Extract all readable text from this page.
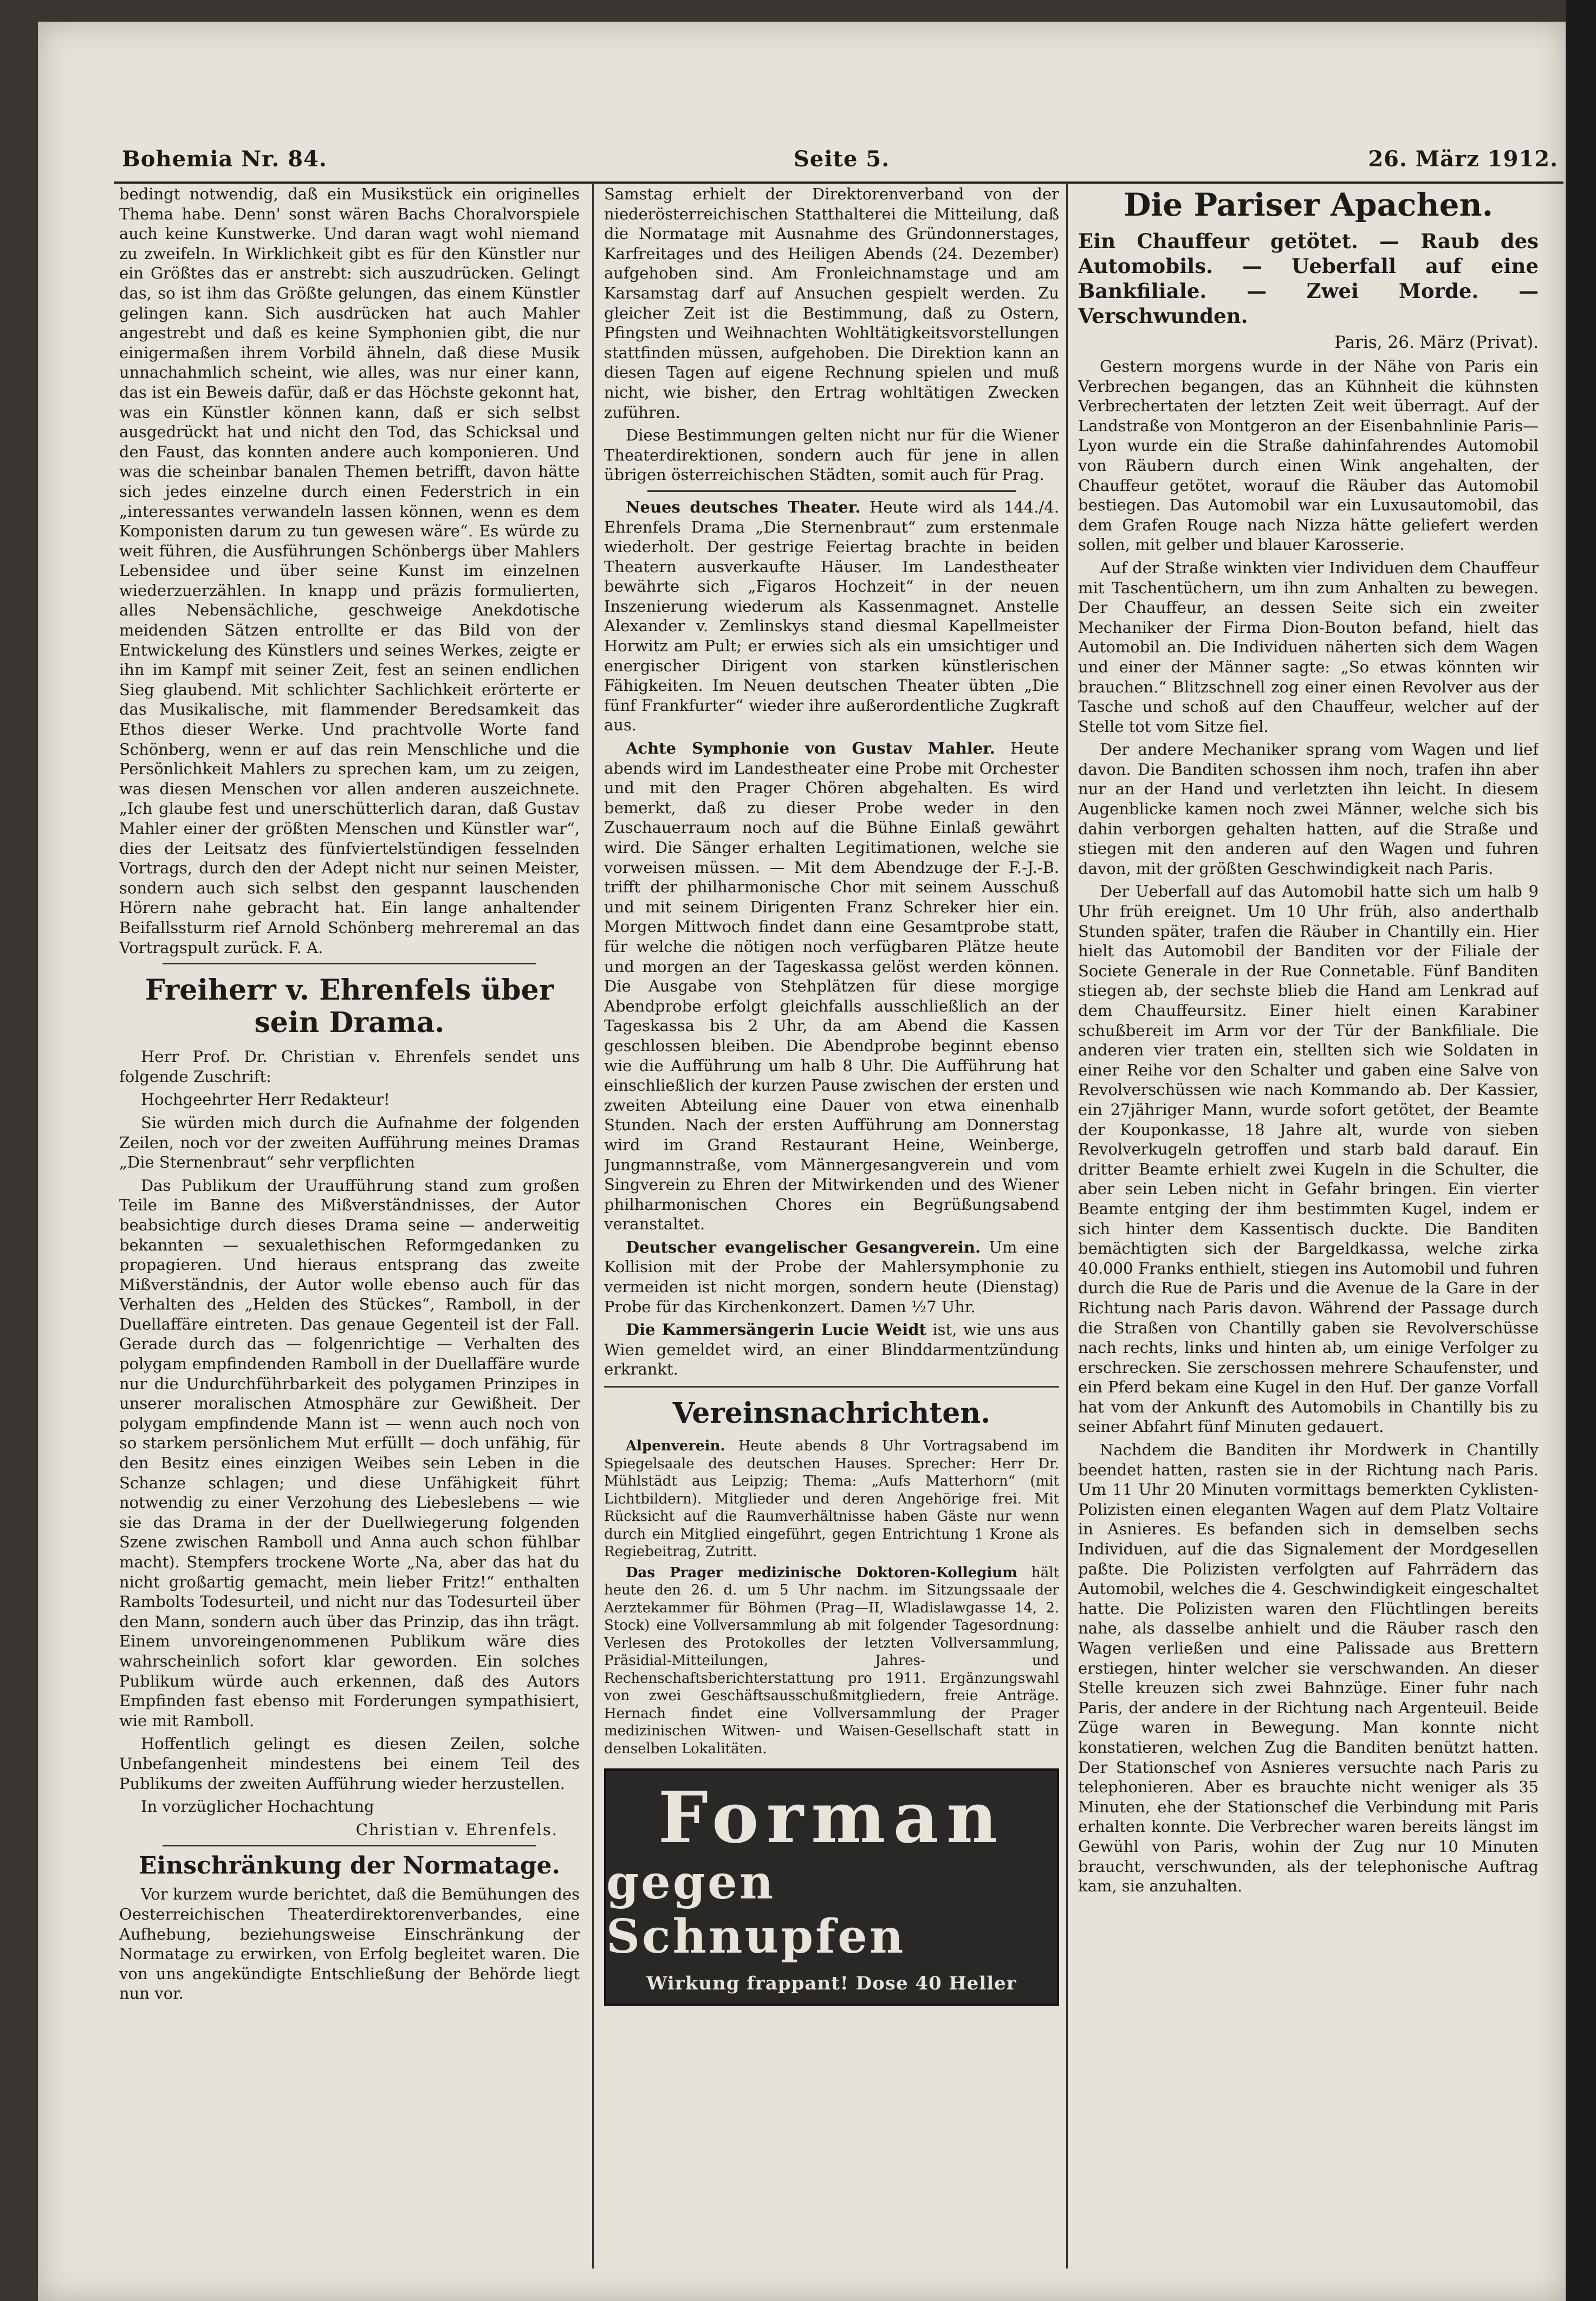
Bohemia Nr. 84.	Seite 5.	26. März 1912.

bedingt notwendig, daß ein Musikstück ein originelles Thema habe. Denn' sonst wären Bachs Choralvorspiele auch keine Kunstwerke. Und daran wagt wohl niemand zu zweifeln. In Wirklichkeit gibt es für den Künstler nur ein Größtes das er anstrebt: sich auszudrücken. Gelingt das, so ist ihm das Größte gelungen, das einem Künstler gelingen kann. Sich ausdrücken hat auch Mahler angestrebt und daß es keine Symphonien gibt, die nur einigermaßen ihrem Vorbild ähneln, daß diese Musik unnachahmlich scheint, wie alles, was nur einer kann, das ist ein Beweis dafür, daß er das Höchste gekonnt hat, was ein Künstler können kann, daß er sich selbst ausgedrückt hat und nicht den Tod, das Schicksal und den Faust, das konnten andere auch komponieren. Und was die scheinbar banalen Themen betrifft, davon hätte sich jedes einzelne durch einen Federstrich in ein „interessantes verwandeln lassen können, wenn es dem Komponisten darum zu tun gewesen wäre“. Es würde zu weit führen, die Ausführungen Schönbergs über Mahlers Lebensidee und über seine Kunst im einzelnen wiederzuerzählen. In knapp und präzis formulierten, alles Nebensächliche, geschweige Anekdotische meidenden Sätzen entrollte er das Bild von der Entwickelung des Künstlers und seines Werkes, zeigte er ihn im Kampf mit seiner Zeit, fest an seinen endlichen Sieg glaubend. Mit schlichter Sachlichkeit erörterte er das Musikalische, mit flammender Beredsamkeit das Ethos dieser Werke. Und prachtvolle Worte fand Schönberg, wenn er auf das rein Menschliche und die Persönlichkeit Mahlers zu sprechen kam, um zu zeigen, was diesen Menschen vor allen anderen auszeichnete. „Ich glaube fest und unerschütterlich daran, daß Gustav Mahler einer der größten Menschen und Künstler war“, dies der Leitsatz des fünfviertelstündigen fesselnden Vortrags, durch den der Adept nicht nur seinen Meister, sondern auch sich selbst den gespannt lauschenden Hörern nahe gebracht hat. Ein lange anhaltender Beifallssturm rief Arnold Schönberg mehreremal an das Vortragspult zurück. F. A.

Freiherr v. Ehrenfels über sein Drama.

Herr Prof. Dr. Christian v. Ehrenfels sendet uns folgende Zuschrift:

Hochgeehrter Herr Redakteur!

Sie würden mich durch die Aufnahme der folgenden Zeilen, noch vor der zweiten Aufführung meines Dramas „Die Sternenbraut“ sehr verpflichten

Das Publikum der Uraufführung stand zum großen Teile im Banne des Mißverständnisses, der Autor beabsichtige durch dieses Drama seine — anderweitig bekannten — sexualethischen Reformgedanken zu propagieren. Und hieraus entsprang das zweite Mißverständnis, der Autor wolle ebenso auch für das Verhalten des „Helden des Stückes“, Ramboll, in der Duellaffäre eintreten. Das genaue Gegenteil ist der Fall. Gerade durch das — folgenrichtige — Verhalten des polygam empfindenden Ramboll in der Duellaffäre wurde nur die Undurchführbarkeit des polygamen Prinzipes in unserer moralischen Atmosphäre zur Gewißheit. Der polygam empfindende Mann ist — wenn auch noch von so starkem persönlichem Mut erfüllt — doch unfähig, für den Besitz eines einzigen Weibes sein Leben in die Schanze schlagen; und diese Unfähigkeit führt notwendig zu einer Verzohung des Liebeslebens — wie sie das Drama in der der Duellwiegerung folgenden Szene zwischen Ramboll und Anna auch schon fühlbar macht). Stempfers trockene Worte „Na, aber das hat du nicht großartig gemacht, mein lieber Fritz!“ enthalten Rambolts Todesurteil, und nicht nur das Todesurteil über den Mann, sondern auch über das Prinzip, das ihn trägt. Einem unvoreingenommenen Publikum wäre dies wahrscheinlich sofort klar geworden. Ein solches Publikum würde auch erkennen, daß des Autors Empfinden fast ebenso mit Forderungen sympathisiert, wie mit Ramboll.

Hoffentlich gelingt es diesen Zeilen, solche Unbefangenheit mindestens bei einem Teil des Publikums der zweiten Aufführung wieder herzustellen.

In vorzüglicher Hochachtung

Christian v. Ehrenfels.

Einschränkung der Normatage.

Vor kurzem wurde berichtet, daß die Bemühungen des Oesterreichischen Theaterdirektorenverbandes, eine Aufhebung, beziehungsweise Einschränkung der Normatage zu erwirken, von Erfolg begleitet waren. Die von uns angekündigte Entschließung der Behörde liegt nun vor.

Samstag erhielt der Direktorenverband von der niederösterreichischen Statthalterei die Mitteilung, daß die Normatage mit Ausnahme des Gründonnerstages, Karfreitages und des Heiligen Abends (24. Dezember) aufgehoben sind. Am Fronleichnamstage und am Karsamstag darf auf Ansuchen gespielt werden. Zu gleicher Zeit ist die Bestimmung, daß zu Ostern, Pfingsten und Weihnachten Wohltätigkeitsvorstellungen stattfinden müssen, aufgehoben. Die Direktion kann an diesen Tagen auf eigene Rechnung spielen und muß nicht, wie bisher, den Ertrag wohltätigen Zwecken zuführen.

Diese Bestimmungen gelten nicht nur für die Wiener Theaterdirektionen, sondern auch für jene in allen übrigen österreichischen Städten, somit auch für Prag.

Neues deutsches Theater. Heute wird als 144./4. Ehrenfels Drama „Die Sternenbraut“ zum erstenmale wiederholt. Der gestrige Feiertag brachte in beiden Theatern ausverkaufte Häuser. Im Landestheater bewährte sich „Figaros Hochzeit“ in der neuen Inszenierung wiederum als Kassenmagnet. Anstelle Alexander v. Zemlinskys stand diesmal Kapellmeister Horwitz am Pult; er erwies sich als ein umsichtiger und energischer Dirigent von starken künstlerischen Fähigkeiten. Im Neuen deutschen Theater übten „Die fünf Frankfurter“ wieder ihre außerordentliche Zugkraft aus.

Achte Symphonie von Gustav Mahler. Heute abends wird im Landestheater eine Probe mit Orchester und mit den Prager Chören abgehalten. Es wird bemerkt, daß zu dieser Probe weder in den Zuschauerraum noch auf die Bühne Einlaß gewährt wird. Die Sänger erhalten Legitimationen, welche sie vorweisen müssen. — Mit dem Abendzuge der F.-J.-B. trifft der philharmonische Chor mit seinem Ausschuß und mit seinem Dirigenten Franz Schreker hier ein. Morgen Mittwoch findet dann eine Gesamtprobe statt, für welche die nötigen noch verfügbaren Plätze heute und morgen an der Tageskassa gelöst werden können. Die Ausgabe von Stehplätzen für diese morgige Abendprobe erfolgt gleichfalls ausschließlich an der Tageskassa bis 2 Uhr, da am Abend die Kassen geschlossen bleiben. Die Abendprobe beginnt ebenso wie die Aufführung um halb 8 Uhr. Die Aufführung hat einschließlich der kurzen Pause zwischen der ersten und zweiten Abteilung eine Dauer von etwa einenhalb Stunden. Nach der ersten Aufführung am Donnerstag wird im Grand Restaurant Heine, Weinberge, Jungmannstraße, vom Männergesangverein und vom Singverein zu Ehren der Mitwirkenden und des Wiener philharmonischen Chores ein Begrüßungsabend veranstaltet.

Deutscher evangelischer Gesangverein. Um eine Kollision mit der Probe der Mahlersymphonie zu vermeiden ist nicht morgen, sondern heute (Dienstag) Probe für das Kirchenkonzert. Damen ½7 Uhr.

Die Kammersängerin Lucie Weidt ist, wie uns aus Wien gemeldet wird, an einer Blinddarmentzündung erkrankt.

Vereinsnachrichten.

Alpenverein. Heute abends 8 Uhr Vortragsabend im Spiegelsaale des deutschen Hauses. Sprecher: Herr Dr. Mühlstädt aus Leipzig; Thema: „Aufs Matterhorn“ (mit Lichtbildern). Mitglieder und deren Angehörige frei. Mit Rücksicht auf die Raumverhältnisse haben Gäste nur wenn durch ein Mitglied eingeführt, gegen Entrichtung 1 Krone als Regiebeitrag, Zutritt.

Das Prager medizinische Doktoren-Kollegium hält heute den 26. d. um 5 Uhr nachm. im Sitzungssaale der Aerztekammer für Böhmen (Prag—II, Wladislawgasse 14, 2. Stock) eine Vollversammlung ab mit folgender Tagesordnung: Verlesen des Protokolles der letzten Vollversammlung, Präsidial-Mitteilungen, Jahres- und Rechenschaftsberichterstattung pro 1911. Ergänzungswahl von zwei Geschäftsausschußmitgliedern, freie Anträge. Hernach findet eine Vollversammlung der Prager medizinischen Witwen- und Waisen-Gesellschaft statt in denselben Lokalitäten.

Forman
gegen Schnupfen
Wirkung frappant! Dose 40 Heller
Die Pariser Apachen.
Ein Chauffeur getötet. — Raub des Automobils. — Ueberfall auf eine Bankfiliale. — Zwei Morde. — Verschwunden.
Paris, 26. März (Privat).

Gestern morgens wurde in der Nähe von Paris ein Verbrechen begangen, das an Kühnheit die kühnsten Verbrechertaten der letzten Zeit weit überragt. Auf der Landstraße von Montgeron an der Eisenbahnlinie Paris—Lyon wurde ein die Straße dahinfahrendes Automobil von Räubern durch einen Wink angehalten, der Chauffeur getötet, worauf die Räuber das Automobil bestiegen. Das Automobil war ein Luxusautomobil, das dem Grafen Rouge nach Nizza hätte geliefert werden sollen, mit gelber und blauer Karosserie.

Auf der Straße winkten vier Individuen dem Chauffeur mit Taschentüchern, um ihn zum Anhalten zu bewegen. Der Chauffeur, an dessen Seite sich ein zweiter Mechaniker der Firma Dion-Bouton befand, hielt das Automobil an. Die Individuen näherten sich dem Wagen und einer der Männer sagte: „So etwas könnten wir brauchen.“ Blitzschnell zog einer einen Revolver aus der Tasche und schoß auf den Chauffeur, welcher auf der Stelle tot vom Sitze fiel.

Der andere Mechaniker sprang vom Wagen und lief davon. Die Banditen schossen ihm noch, trafen ihn aber nur an der Hand und verletzten ihn leicht. In diesem Augenblicke kamen noch zwei Männer, welche sich bis dahin verborgen gehalten hatten, auf die Straße und stiegen mit den anderen auf den Wagen und fuhren davon, mit der größten Geschwindigkeit nach Paris.

Der Ueberfall auf das Automobil hatte sich um halb 9 Uhr früh ereignet. Um 10 Uhr früh, also anderthalb Stunden später, trafen die Räuber in Chantilly ein. Hier hielt das Automobil der Banditen vor der Filiale der Societe Generale in der Rue Connetable. Fünf Banditen stiegen ab, der sechste blieb die Hand am Lenkrad auf dem Chauffeursitz. Einer hielt einen Karabiner schußbereit im Arm vor der Tür der Bankfiliale. Die anderen vier traten ein, stellten sich wie Soldaten in einer Reihe vor den Schalter und gaben eine Salve von Revolverschüssen wie nach Kommando ab. Der Kassier, ein 27jähriger Mann, wurde sofort getötet, der Beamte der Kouponkasse, 18 Jahre alt, wurde von sieben Revolverkugeln getroffen und starb bald darauf. Ein dritter Beamte erhielt zwei Kugeln in die Schulter, die aber sein Leben nicht in Gefahr bringen. Ein vierter Beamte entging der ihm bestimmten Kugel, indem er sich hinter dem Kassentisch duckte. Die Banditen bemächtigten sich der Bargeldkassa, welche zirka 40.000 Franks enthielt, stiegen ins Automobil und fuhren durch die Rue de Paris und die Avenue de la Gare in der Richtung nach Paris davon. Während der Passage durch die Straßen von Chantilly gaben sie Revolverschüsse nach rechts, links und hinten ab, um einige Verfolger zu erschrecken. Sie zerschossen mehrere Schaufenster, und ein Pferd bekam eine Kugel in den Huf. Der ganze Vorfall hat vom der Ankunft des Automobils in Chantilly bis zu seiner Abfahrt fünf Minuten gedauert.

Nachdem die Banditen ihr Mordwerk in Chantilly beendet hatten, rasten sie in der Richtung nach Paris. Um 11 Uhr 20 Minuten vormittags bemerkten Cyklisten-Polizisten einen eleganten Wagen auf dem Platz Voltaire in Asnieres. Es befanden sich in demselben sechs Individuen, auf die das Signalement der Mordgesellen paßte. Die Polizisten verfolgten auf Fahrrädern das Automobil, welches die 4. Geschwindigkeit eingeschaltet hatte. Die Polizisten waren den Flüchtlingen bereits nahe, als dasselbe anhielt und die Räuber rasch den Wagen verließen und eine Palissade aus Brettern erstiegen, hinter welcher sie verschwanden. An dieser Stelle kreuzen sich zwei Bahnzüge. Einer fuhr nach Paris, der andere in der Richtung nach Argenteuil. Beide Züge waren in Bewegung. Man konnte nicht konstatieren, welchen Zug die Banditen benützt hatten. Der Stationschef von Asnieres versuchte nach Paris zu telephonieren. Aber es brauchte nicht weniger als 35 Minuten, ehe der Stationschef die Verbindung mit Paris erhalten konnte. Die Verbrecher waren bereits längst im Gewühl von Paris, wohin der Zug nur 10 Minuten braucht, verschwunden, als der telephonische Auftrag kam, sie anzuhalten.
